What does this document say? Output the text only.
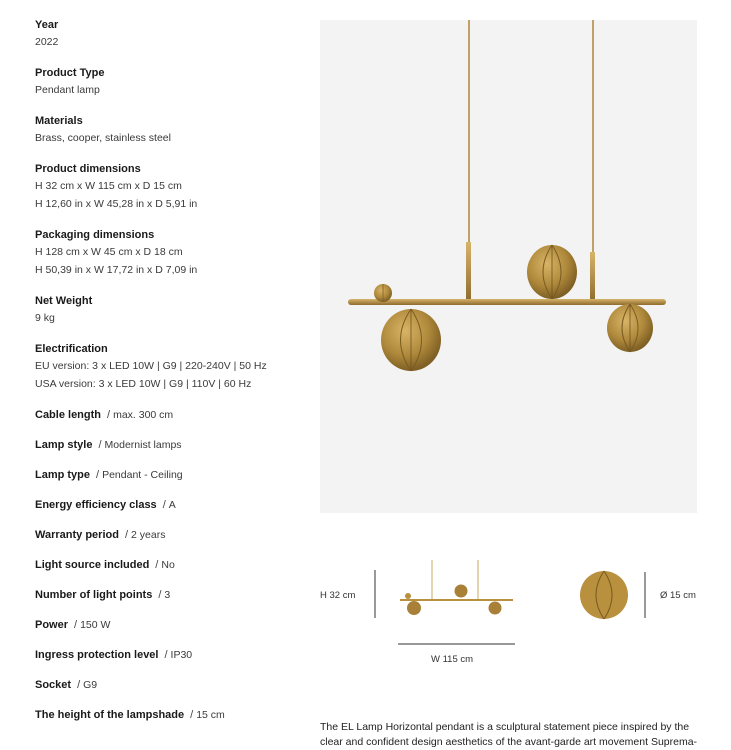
Year
2022
Product Type
Pendant lamp
Materials
Brass, cooper, stainless steel
Product dimensions
H 32 cm x W 115 cm x D 15 cm
H 12,60 in x W 45,28 in x D 5,91 in
Packaging dimensions
H 128 cm x W 45 cm x D 18 cm
H 50,39 in x W 17,72 in x D 7,09 in
Net Weight
9 kg
Electrification
EU version: 3 x LED 10W | G9 | 220-240V | 50 Hz
USA version: 3 x LED 10W | G9 | 110V | 60 Hz
Cable length / max. 300 cm
Lamp style / Modernist lamps
Lamp type / Pendant - Ceiling
Energy efficiency class / A
Warranty period / 2 years
Light source included / No
Number of light points / 3
Power / 150 W
Ingress protection level / IP30
Socket / G9
The height of the lampshade / 15 cm
H 32 cm
W 115 cm
Ø 15 cm
The EL Lamp Horizontal pendant is a sculptural statement piece inspired by the clear and confident design aesthetics of the avant-garde art movement Suprema-
